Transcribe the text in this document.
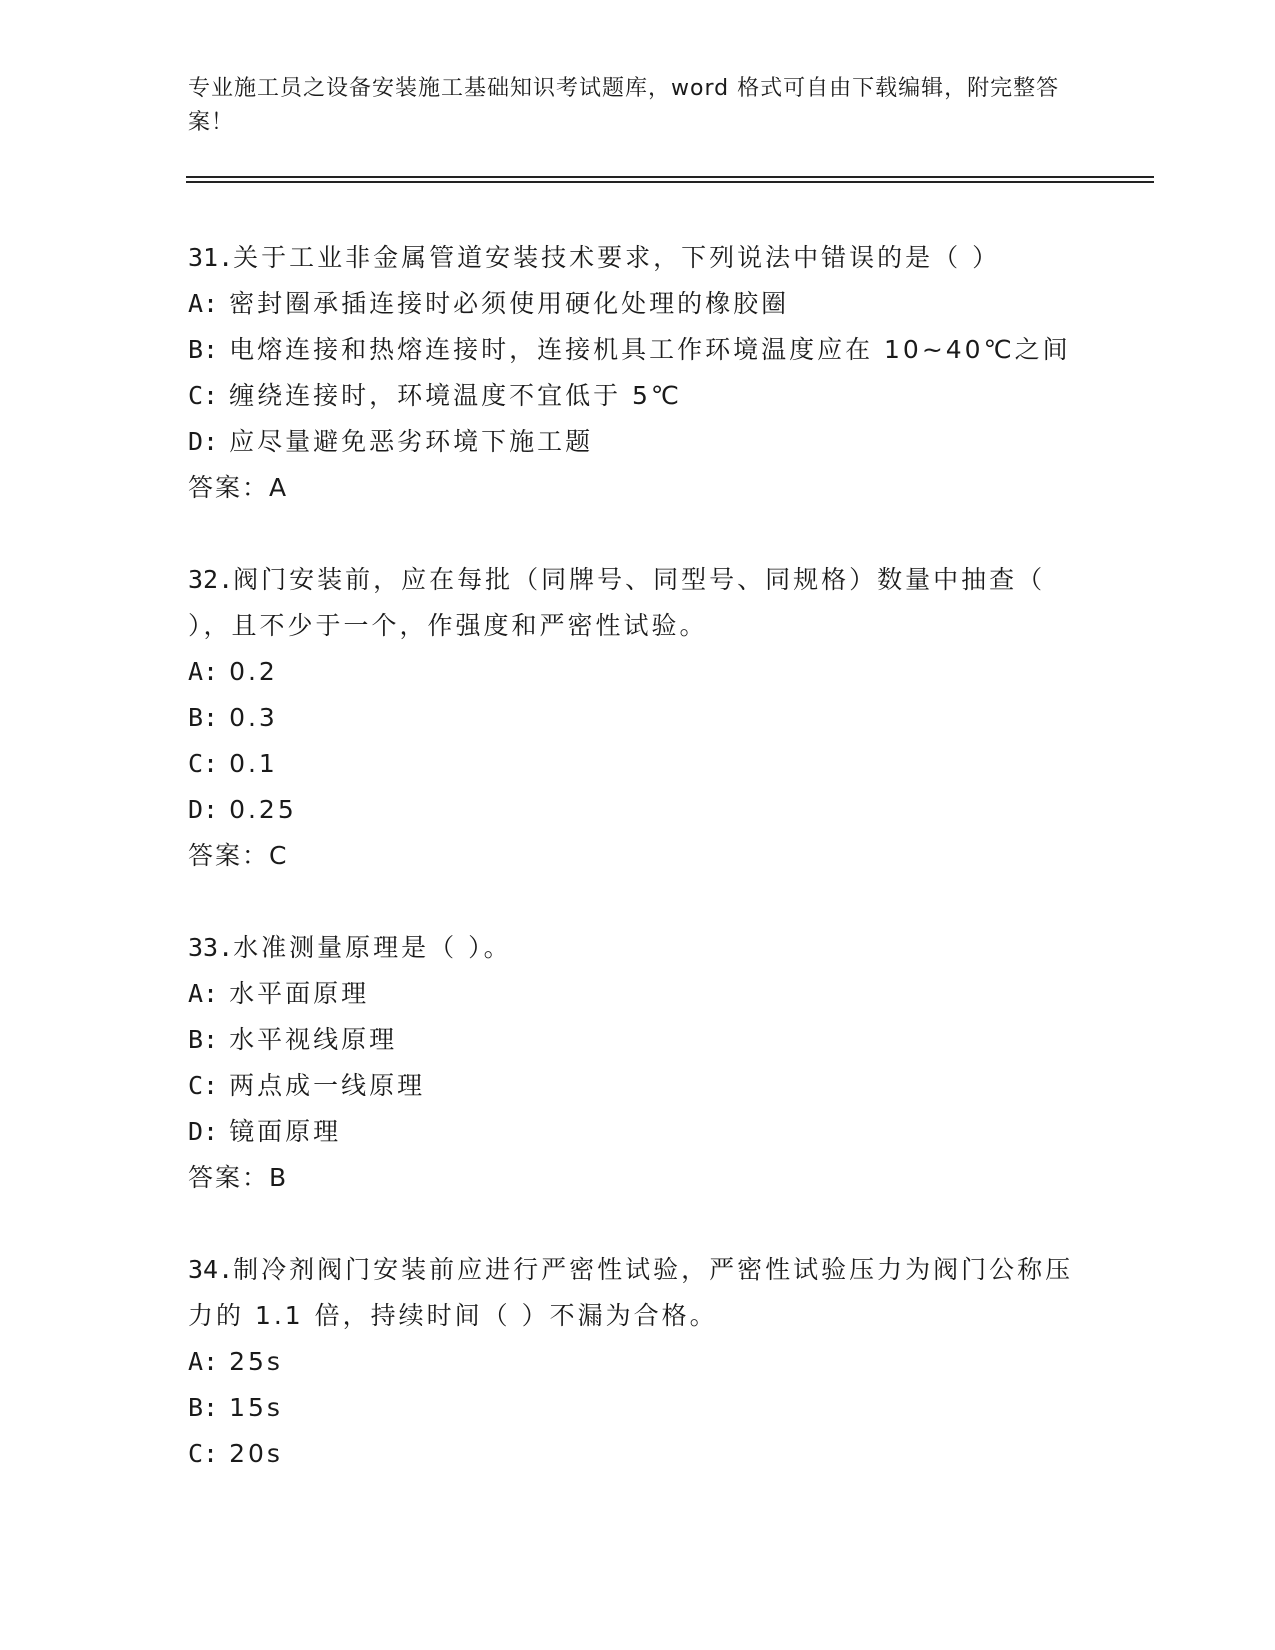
专业施工员之设备安装施工基础知识考试题库，word 格式可自由下载编辑，附完整答案！

31.关于工业非金属管道安装技术要求，下列说法中错误的是（ ）

A: 密封圈承插连接时必须使用硬化处理的橡胶圈

B: 电熔连接和热熔连接时，连接机具工作环境温度应在 10~40℃之间

C: 缠绕连接时，环境温度不宜低于 5℃

D: 应尽量避免恶劣环境下施工题

答案：A

32.阀门安装前，应在每批（同牌号、同型号、同规格）数量中抽查（ ），且不少于一个，作强度和严密性试验。

A: 0.2

B: 0.3

C: 0.1

D: 0.25

答案：C

33.水准测量原理是（ ）。

A: 水平面原理

B: 水平视线原理

C: 两点成一线原理

D: 镜面原理

答案：B

34.制冷剂阀门安装前应进行严密性试验，严密性试验压力为阀门公称压力的 1.1 倍，持续时间（ ）不漏为合格。

A: 25s

B: 15s

C: 20s
